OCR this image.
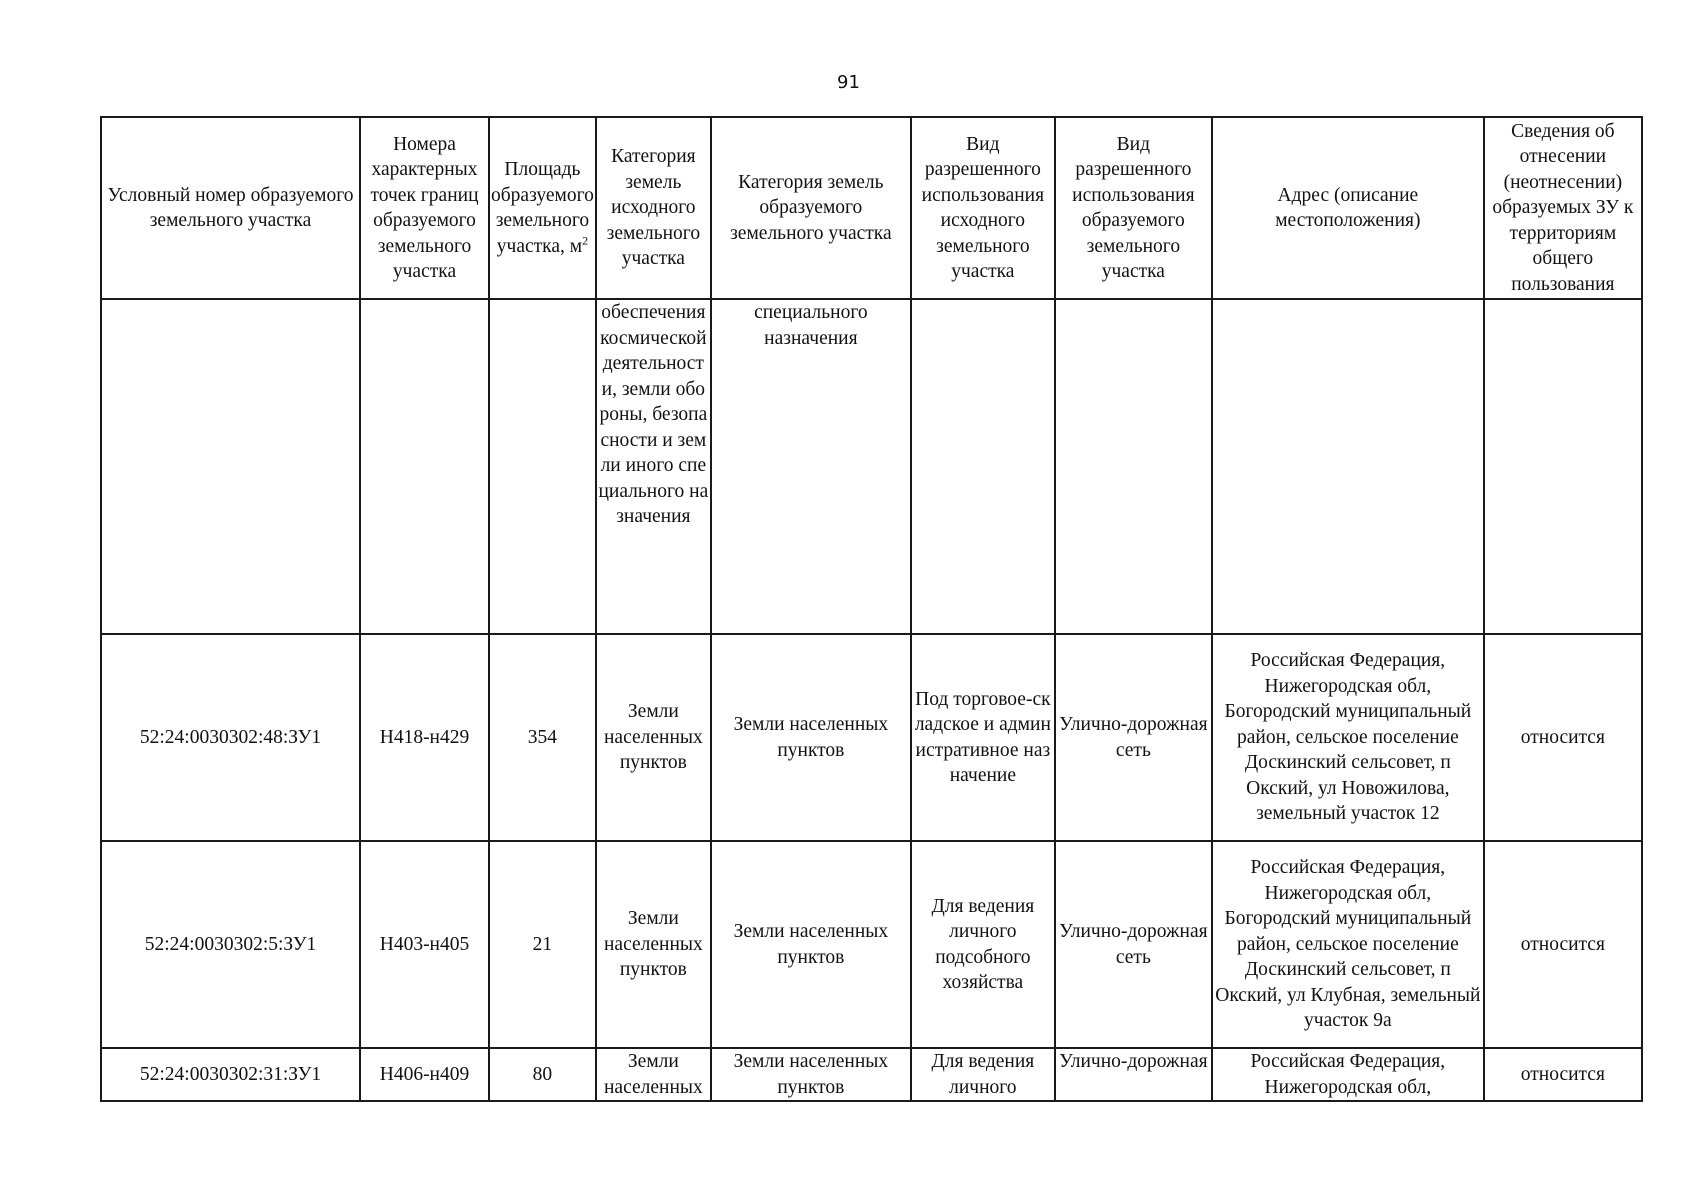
91
Условный номер образуемого земельного участка	Номера характерных точек границ образуемого земельного участка	Площадь образуемого земельного участка, $м^2$	Категория земель исходного земельного участка	Категория земель образуемого земельного участка	Вид разрешенного использования исходного земельного участка	Вид разрешенного использования образуемого земельного участка	Адрес (описание местоположения)	Сведения об отнесении (неотнесении) образуемых ЗУ к территориям общего пользования
			обеспечения космической деятельности, земли обороны, безопасности и земли иного специального назначения	специального назначения				
52:24:0030302:48:ЗУ1	Н418-н429	354	Земли населенных пунктов	Земли населенных пунктов	Под торговое-складское и административное назначение	Улично-дорожная сеть	Российская Федерация, Нижегородская обл, Богородский муниципальный район, сельское поселение Доскинский сельсовет, п Окский, ул Новожилова, земельный участок 12	относится
52:24:0030302:5:ЗУ1	Н403-н405	21	Земли населенных пунктов	Земли населенных пунктов	Для ведения личного подсобного хозяйства	Улично-дорожная сеть	Российская Федерация, Нижегородская обл, Богородский муниципальный район, сельское поселение Доскинский сельсовет, п Окский, ул Клубная, земельный участок 9а	относится
52:24:0030302:31:ЗУ1	Н406-н409	80	Земли населенных	Земли населенных пунктов	Для ведения личного	Улично-дорожная	Российская Федерация, Нижегородская обл,	относится
